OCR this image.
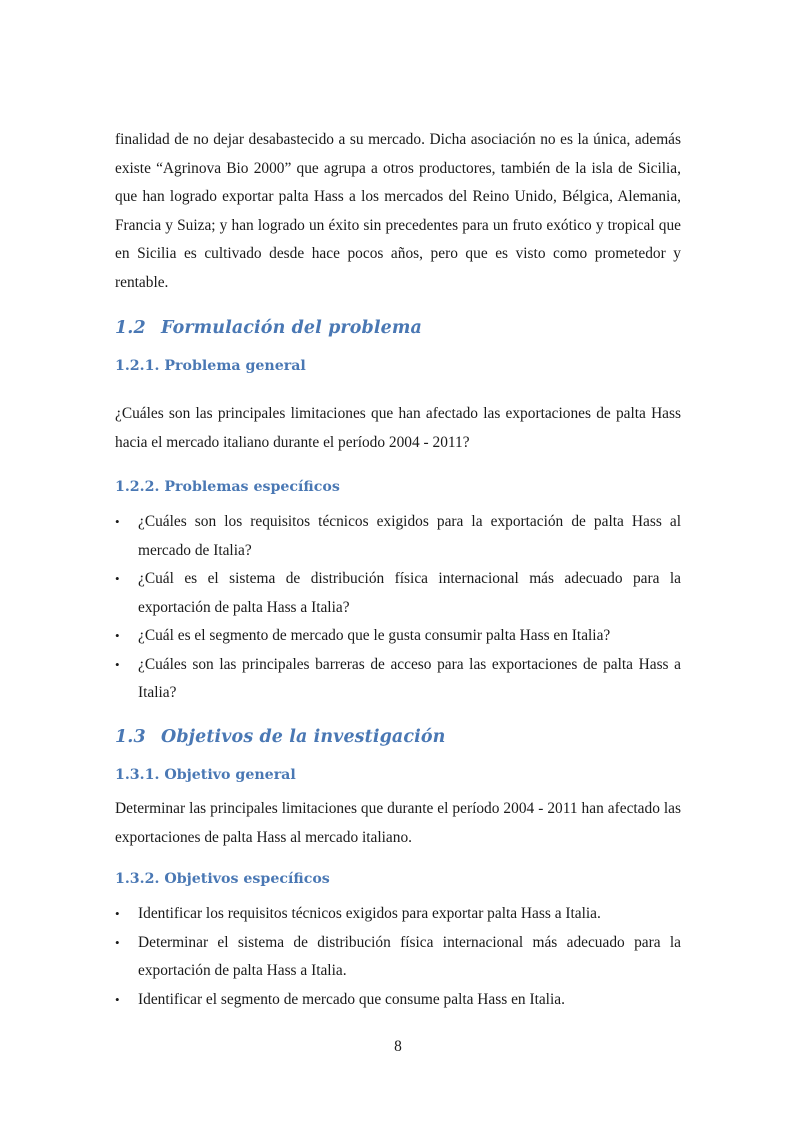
finalidad de no dejar desabastecido a su mercado. Dicha asociación no es la única, además existe “Agrinova Bio 2000” que agrupa a otros productores, también de la isla de Sicilia, que han logrado exportar palta Hass a los mercados del Reino Unido, Bélgica, Alemania, Francia y Suiza; y han logrado un éxito sin precedentes para un fruto exótico y tropical que en Sicilia es cultivado desde hace pocos años, pero que es visto como prometedor y rentable.

1.2 Formulación del problema
1.2.1. Problema general

¿Cuáles son las principales limitaciones que han afectado las exportaciones de palta Hass hacia el mercado italiano durante el período 2004 - 2011?

1.2.2. Problemas específicos
•	¿Cuáles son los requisitos técnicos exigidos para la exportación de palta Hass al mercado de Italia?
•	¿Cuál es el sistema de distribución física internacional más adecuado para la exportación de palta Hass a Italia?
•	¿Cuál es el segmento de mercado que le gusta consumir palta Hass en Italia?
•	¿Cuáles son las principales barreras de acceso para las exportaciones de palta Hass a Italia?
1.3 Objetivos de la investigación
1.3.1. Objetivo general

Determinar las principales limitaciones que durante el período 2004 - 2011 han afectado las exportaciones de palta Hass al mercado italiano.

1.3.2. Objetivos específicos
•	Identificar los requisitos técnicos exigidos para exportar palta Hass a Italia.
•	Determinar el sistema de distribución física internacional más adecuado para la exportación de palta Hass a Italia.
•	Identificar el segmento de mercado que consume palta Hass en Italia.
8
